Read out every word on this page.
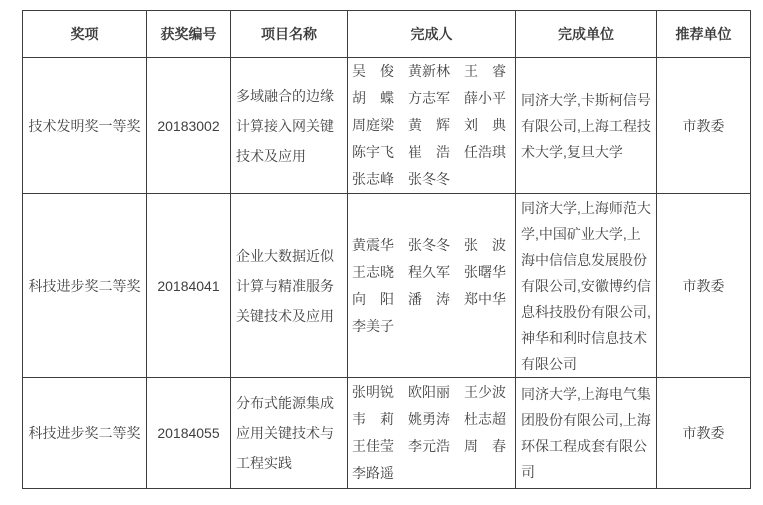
奖项	获奖编号	项目名称	完成人	完成单位	推荐单位
技术发明奖一等奖	20183002	多域融合的边缘计算接入网关键技术及应用	吴　俊　黄新林　王　睿
胡　蝶　方志军　薛小平
周庭梁　黄　辉　刘　典
陈宇飞　崔　浩　任浩琪
张志峰　张冬冬	同济大学,卡斯柯信号有限公司,上海工程技术大学,复旦大学	市教委
科技进步奖二等奖	20184041	企业大数据近似计算与精准服务关键技术及应用	黄震华　张冬冬　张　波
王志晓　程久军　张曙华
向　阳　潘　涛　郑中华
李美子	同济大学,上海师范大学,中国矿业大学,上海中信信息发展股份有限公司,安徽博约信息科技股份有限公司,神华和利时信息技术有限公司	市教委
科技进步奖二等奖	20184055	分布式能源集成应用关键技术与工程实践	张明锐　欧阳丽　王少波
韦　莉　姚勇涛　杜志超
王佳莹　李元浩　周　春
李路遥	同济大学,上海电气集团股份有限公司,上海环保工程成套有限公司	市教委
